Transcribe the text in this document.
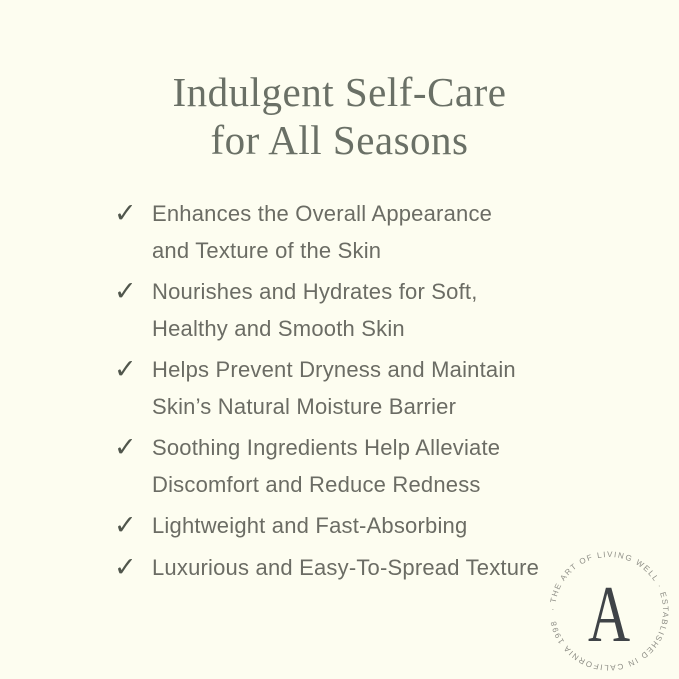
Indulgent Self-Care
for All Seasons
✓ Enhances the Overall Appearance
and Texture of the Skin
✓ Nourishes and Hydrates for Soft,
Healthy and Smooth Skin
✓ Helps Prevent Dryness and Maintain
Skin’s Natural Moisture Barrier
✓ Soothing Ingredients Help Alleviate
Discomfort and Reduce Redness
✓ Lightweight and Fast-Absorbing
✓ Luxurious and Easy-To-Spread Texture
· THE ART OF LIVING WELL · ESTABLISHED IN CALIFORNIA 1998 A
